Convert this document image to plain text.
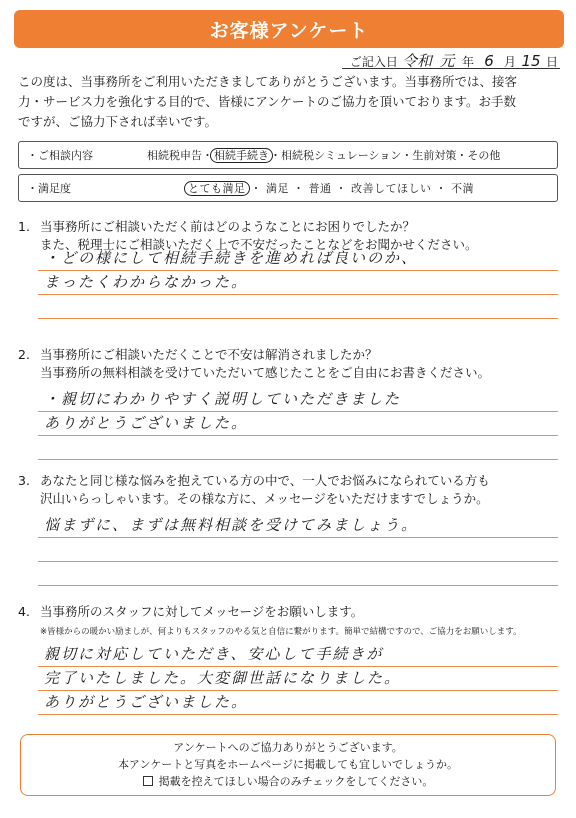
お客様アンケート
ご記入日 令和 元 年 6 月 15 日
この度は、当事務所をご利用いただきましてありがとうございます。当事務所では、接客
力・サービス力を強化する目的で、皆様にアンケートのご協力を頂いております。お手数
ですが、ご協力下されば幸いです。
・ご相談内容	相続税申告・相続手続き・相続税シミュレーション・生前対策・その他
・満足度	とても満足 ・ 満足 ・ 普通 ・ 改善してほしい ・ 不満
1. 当事務所にご相談いただく前はどのようなことにお困りでしたか？
また、税理士にご相談いただく上で不安だったことなどをお聞かせください。
・どの様にして相続手続きを進めれば良いのか、
まったくわからなかった。
2. 当事務所にご相談いただくことで不安は解消されましたか？
当事務所の無料相談を受けていただいて感じたことをご自由にお書きください。
・親切にわかりやすく説明していただきました
ありがとうございました。
3. あなたと同じ様な悩みを抱えている方の中で、一人でお悩みになられている方も
沢山いらっしゃいます。その様な方に、メッセージをいただけますでしょうか。
悩まずに、まずは無料相談を受けてみましょう。
4. 当事務所のスタッフに対してメッセージをお願いします。
※皆様からの暖かい励ましが、何よりもスタッフのやる気と自信に繋がります。簡単で結構ですので、ご協力をお願いします。
親切に対応していただき、安心して手続きが
完了いたしました。大変御世話になりました。
ありがとうございました。
アンケートへのご協力ありがとうございます。
本アンケートと写真をホームページに掲載しても宜しいでしょうか。
掲載を控えてほしい場合のみチェックをしてください。
